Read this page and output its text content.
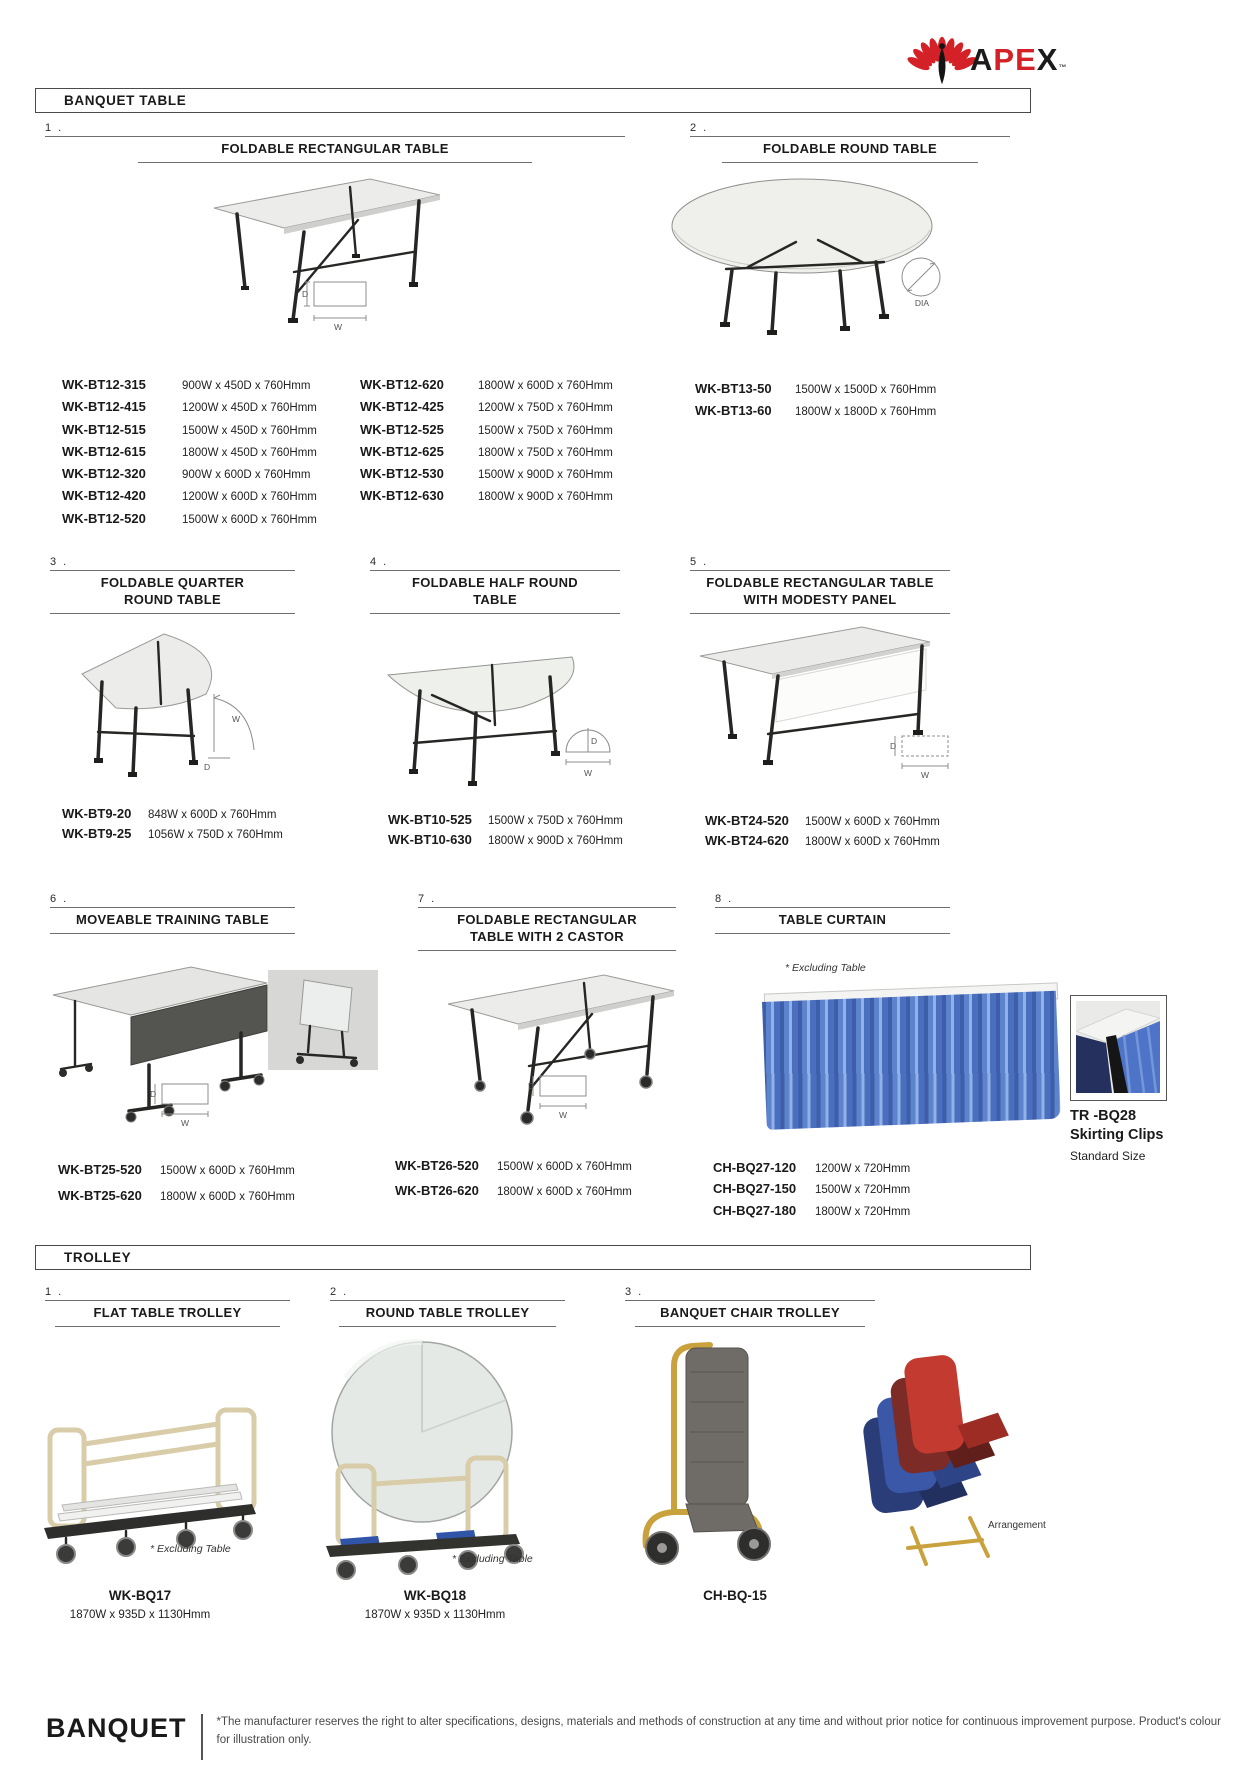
APEX™
BANQUET TABLE
1 .
FOLDABLE RECTANGULAR TABLE
D
W
WK-BT12-315	900W x 450D x 760Hmm
WK-BT12-415	1200W x 450D x 760Hmm
WK-BT12-515	1500W x 450D x 760Hmm
WK-BT12-615	1800W x 450D x 760Hmm
WK-BT12-320	900W x 600D x 760Hmm
WK-BT12-420	1200W x 600D x 760Hmm
WK-BT12-520	1500W x 600D x 760Hmm
WK-BT12-620	1800W x 600D x 760Hmm
WK-BT12-425	1200W x 750D x 760Hmm
WK-BT12-525	1500W x 750D x 760Hmm
WK-BT12-625	1800W x 750D x 760Hmm
WK-BT12-530	1500W x 900D x 760Hmm
WK-BT12-630	1800W x 900D x 760Hmm
2 .
FOLDABLE ROUND TABLE
DIA
WK-BT13-50	1500W x 1500D x 760Hmm
WK-BT13-60	1800W x 1800D x 760Hmm
3 .
FOLDABLE QUARTER
ROUND TABLE
W
D
WK-BT9-20	848W x 600D x 760Hmm
WK-BT9-25	1056W x 750D x 760Hmm
4 .
FOLDABLE HALF ROUND
TABLE
D
W
WK-BT10-525	1500W x 750D x 760Hmm
WK-BT10-630	1800W x 900D x 760Hmm
5 .
FOLDABLE RECTANGULAR TABLE
WITH MODESTY PANEL
D
W
WK-BT24-520	1500W x 600D x 760Hmm
WK-BT24-620	1800W x 600D x 760Hmm
6 .
MOVEABLE TRAINING TABLE
D
W
WK-BT25-520	1500W x 600D x 760Hmm
WK-BT25-620	1800W x 600D x 760Hmm
7 .
FOLDABLE RECTANGULAR
TABLE WITH 2 CASTOR
D
W
WK-BT26-520	1500W x 600D x 760Hmm
WK-BT26-620	1800W x 600D x 760Hmm
8 .
TABLE CURTAIN
* Excluding Table
TR -BQ28
Skirting Clips
Standard Size
CH-BQ27-120	1200W x 720Hmm
CH-BQ27-150	1500W x 720Hmm
CH-BQ27-180	1800W x 720Hmm
TROLLEY
1 .
FLAT TABLE TROLLEY
* Excluding Table
WK-BQ17
1870W x 935D x 1130Hmm
2 .
ROUND TABLE TROLLEY
* Excluding Table
WK-BQ18
1870W x 935D x 1130Hmm
3 .
BANQUET CHAIR TROLLEY
Arrangement
CH-BQ-15
BANQUET	*The manufacturer reserves the right to alter specifications, designs, materials and methods of construction at any time and without prior notice for continuous improvement purpose. Product's colour for illustration only.
